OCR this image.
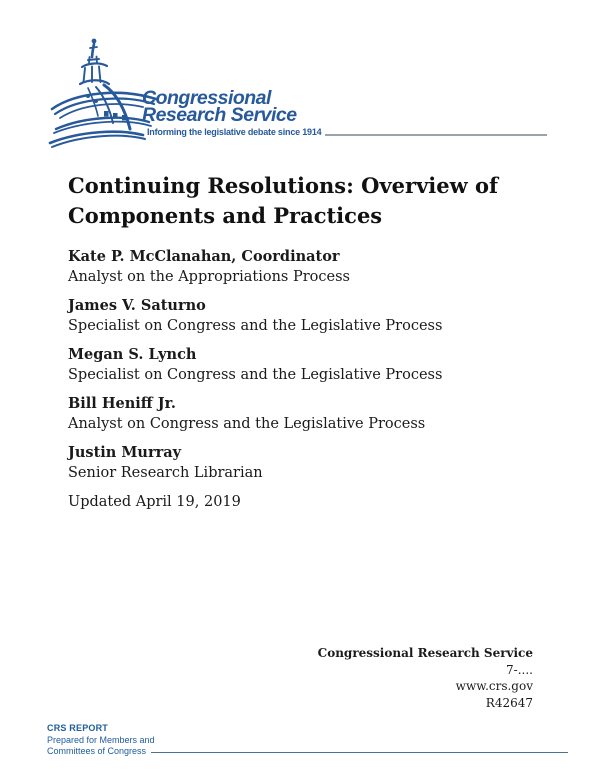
Congressional
Research Service
Informing the legislative debate since 1914
Continuing Resolutions: Overview of Components and Practices
Kate P. McClanahan, Coordinator
Analyst on the Appropriations Process
James V. Saturno
Specialist on Congress and the Legislative Process
Megan S. Lynch
Specialist on Congress and the Legislative Process
Bill Heniff Jr.
Analyst on Congress and the Legislative Process
Justin Murray
Senior Research Librarian
Updated April 19, 2019
Congressional Research Service
7-....
www.crs.gov
R42647
CRS REPORT
Prepared for Members and
Committees of Congress
